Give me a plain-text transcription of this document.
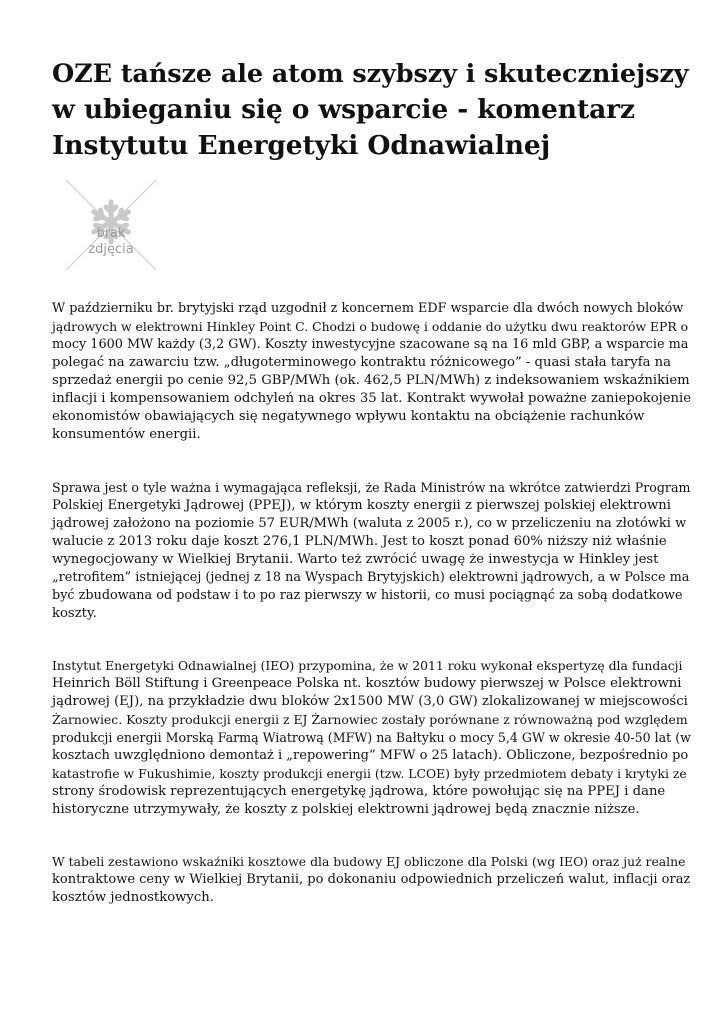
OZE tańsze ale atom szybszy i skuteczniejszy
w ubieganiu się o wsparcie - komentarz
Instytutu Energetyki Odnawialnej
brak
zdjęcia
W październiku br. brytyjski rząd uzgodnił z koncernem EDF wsparcie dla dwóch nowych bloków
jądrowych w elektrowni Hinkley Point C. Chodzi o budowę i oddanie do użytku dwu reaktorów EPR o
mocy 1600 MW każdy (3,2 GW). Koszty inwestycyjne szacowane są na 16 mld GBP, a wsparcie ma
polegać na zawarciu tzw. „długoterminowego kontraktu różnicowego” - quasi stała taryfa na
sprzedaż energii po cenie 92,5 GBP/MWh (ok. 462,5 PLN/MWh) z indeksowaniem wskaźnikiem
inflacji i kompensowaniem odchyleń na okres 35 lat. Kontrakt wywołał poważne zaniepokojenie
ekonomistów obawiających się negatywnego wpływu kontaktu na obciążenie rachunków
konsumentów energii.
Sprawa jest o tyle ważna i wymagająca refleksji, że Rada Ministrów na wkrótce zatwierdzi Program
Polskiej Energetyki Jądrowej (PPEJ), w którym koszty energii z pierwszej polskiej elektrowni
jądrowej założono na poziomie 57 EUR/MWh (waluta z 2005 r.), co w przeliczeniu na złotówki w
walucie z 2013 roku daje koszt 276,1 PLN/MWh. Jest to koszt ponad 60% niższy niż właśnie
wynegocjowany w Wielkiej Brytanii. Warto też zwrócić uwagę że inwestycja w Hinkley jest
„retrofitem” istniejącej (jednej z 18 na Wyspach Brytyjskich) elektrowni jądrowych, a w Polsce ma
być zbudowana od podstaw i to po raz pierwszy w historii, co musi pociągnąć za sobą dodatkowe
koszty.
Instytut Energetyki Odnawialnej (IEO) przypomina, że w 2011 roku wykonał ekspertyzę dla fundacji
Heinrich Böll Stiftung i Greenpeace Polska nt. kosztów budowy pierwszej w Polsce elektrowni
jądrowej (EJ), na przykładzie dwu bloków 2x1500 MW (3,0 GW) zlokalizowanej w miejscowości
Żarnowiec. Koszty produkcji energii z EJ Żarnowiec zostały porównane z równoważną pod względem
produkcji energii Morską Farmą Wiatrową (MFW) na Bałtyku o mocy 5,4 GW w okresie 40-50 lat (w
kosztach uwzględniono demontaż i „repowering” MFW o 25 latach). Obliczone, bezpośrednio po
katastrofie w Fukushimie, koszty produkcji energii (tzw. LCOE) były przedmiotem debaty i krytyki ze
strony środowisk reprezentujących energetykę jądrowa, które powołując się na PPEJ i dane
historyczne utrzymywały, że koszty z polskiej elektrowni jądrowej będą znacznie niższe.
W tabeli zestawiono wskaźniki kosztowe dla budowy EJ obliczone dla Polski (wg IEO) oraz już realne
kontraktowe ceny w Wielkiej Brytanii, po dokonaniu odpowiednich przeliczeń walut, inflacji oraz
kosztów jednostkowych.
